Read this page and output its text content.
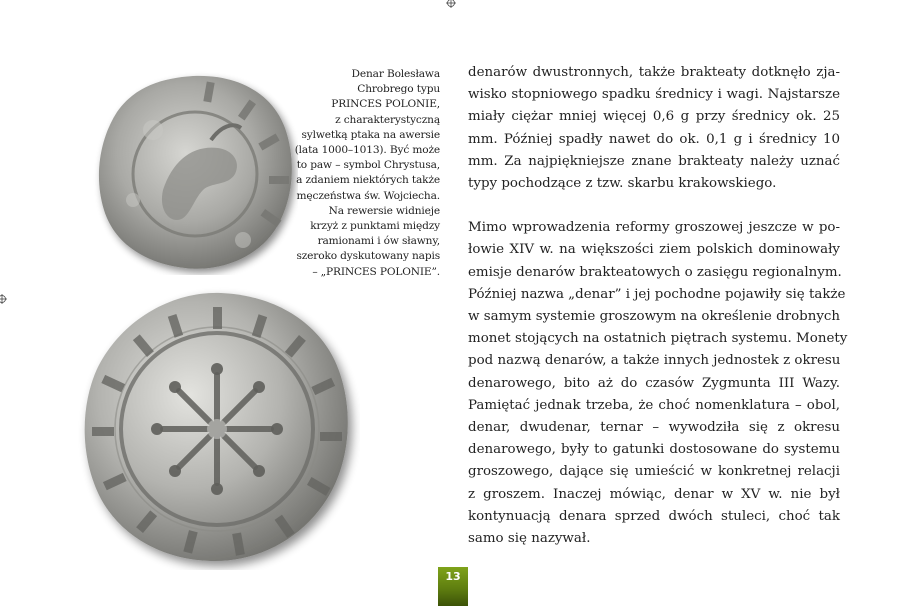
Denar Bolesława
Chrobrego typu
PRINCES POLONIE,
z charakterystyczną
sylwetką ptaka na awersie
(lata 1000–1013). Być może
to paw – symbol Chrystusa,
a zdaniem niektórych także
męczeństwa św. Wojciecha.
Na rewersie widnieje
krzyż z punktami między
ramionami i ów sławny,
szeroko dyskutowany napis
– „PRINCES POLONIE”.

denarów dwustronnych, także brakteaty dotknęło zja-
wisko stopniowego spadku średnicy i wagi. Najstarsze
miały ciężar mniej więcej 0,6 g przy średnicy ok. 25
mm. Później spadły nawet do ok. 0,1 g i średnicy 10
mm. Za najpiękniejsze znane brakteaty należy uznać
typy pochodzące z tzw. skarbu krakowskiego.

Mimo wprowadzenia reformy groszowej jeszcze w po-
łowie XIV w. na większości ziem polskich dominowały
emisje denarów brakteatowych o zasięgu regionalnym.
Później nazwa „denar” i jej pochodne pojawiły się także
w samym systemie groszowym na określenie drobnych
monet stojących na ostatnich piętrach systemu. Monety
pod nazwą denarów, a także innych jednostek z okresu
denarowego, bito aż do czasów Zygmunta III Wazy.
Pamiętać jednak trzeba, że choć nomenklatura – obol,
denar, dwudenar, ternar – wywodziła się z okresu
denarowego, były to gatunki dostosowane do systemu
groszowego, dające się umieścić w konkretnej relacji
z groszem. Inaczej mówiąc, denar w XV w. nie był
kontynuacją denara sprzed dwóch stuleci, choć tak
samo się nazywał.

13
